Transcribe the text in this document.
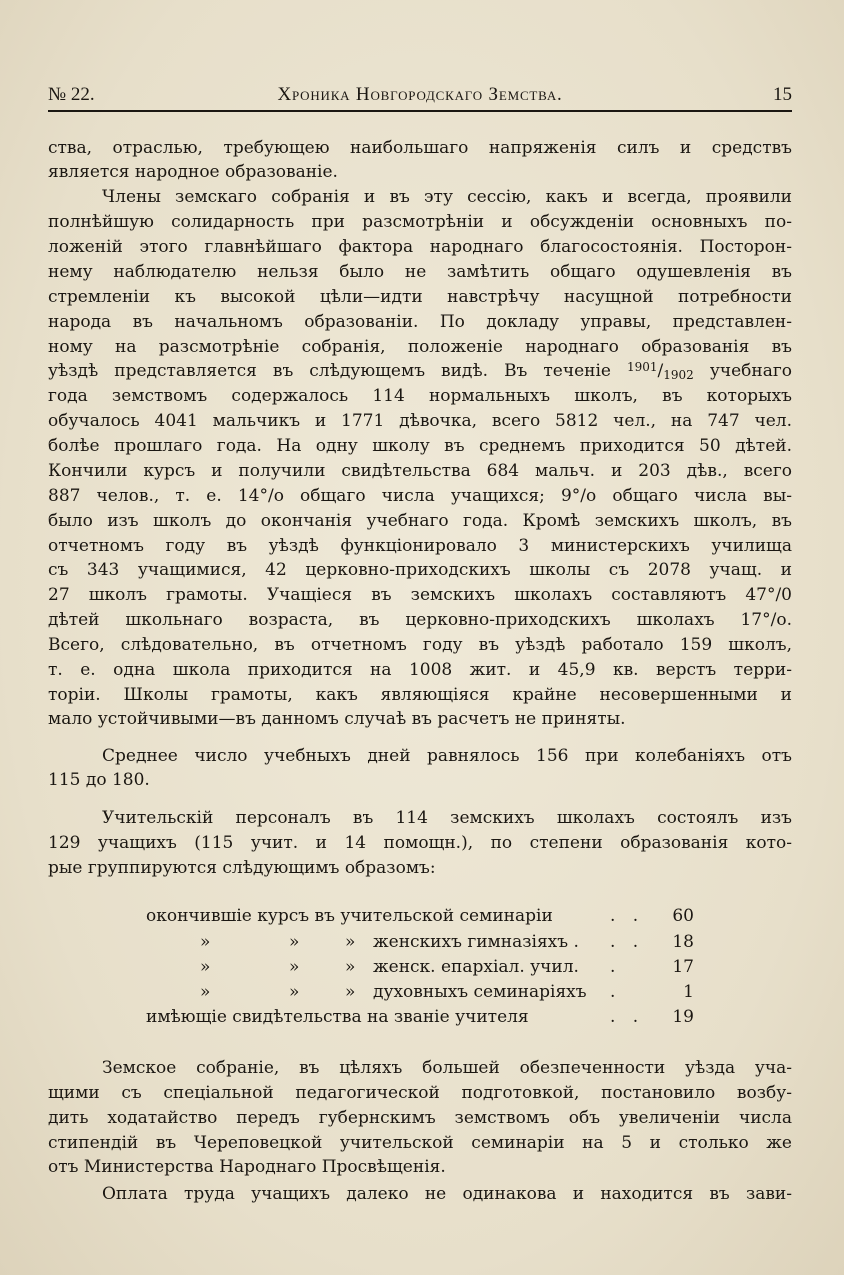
№ 22.	Хроника Новгородскаго Земства.	15
ства, отраслью, требующею наибольшаго напряженія силъ и средствъ
является народное образованіе.
Члены земскаго собранія и въ эту сессію, какъ и всегда, проявили
полнѣйшую солидарность при разсмотрѣніи и обсужденіи основныхъ по-
ложеній этого главнѣйшаго фактора народнаго благосостоянія. Посторон-
нему наблюдателю нельзя было не замѣтить общаго одушевленія въ
стремленіи къ высокой цѣли—идти навстрѣчу насущной потребности
народа въ начальномъ образованіи. По докладу управы, представлен-
ному на разсмотрѣніе собранія, положеніе народнаго образованія въ
уѣздѣ представляется въ слѣдующемъ видѣ. Въ теченіе $^{1901}$/1902 учебнаго
года земствомъ содержалось 114 нормальныхъ школъ, въ которыхъ
обучалось 4041 мальчикъ и 1771 дѣвочка, всего 5812 чел., на 747 чел.
болѣе прошлаго года. На одну школу въ среднемъ приходится 50 дѣтей.
Кончили курсъ и получили свидѣтельства 684 мальч. и 203 дѣв., всего
887 челов., т. е. 14°/о общаго числа учащихся; 9°/о общаго числа вы-
было изъ школъ до окончанія учебнаго года. Кромѣ земскихъ школъ, въ
отчетномъ году въ уѣздѣ функціонировало 3 министерскихъ училища
съ 343 учащимися, 42 церковно-приходскихъ школы съ 2078 учащ. и
27 школъ грамоты. Учащіеся въ земскихъ школахъ составляютъ 47°/0
дѣтей школьнаго возраста, въ церковно-приходскихъ школахъ 17°/о.
Всего, слѣдовательно, въ отчетномъ году въ уѣздѣ работало 159 школъ,
т. е. одна школа приходится на 1008 жит. и 45,9 кв. верстъ терри-
торіи. Школы грамоты, какъ являющіяся крайне несовершенными и
мало устойчивыми—въ данномъ случаѣ въ расчетъ не приняты.
Среднее число учебныхъ дней равнялось 156 при колебаніяхъ отъ
115 до 180.
Учительскій персоналъ въ 114 земскихъ школахъ состоялъ изъ
129 учащихъ (115 учит. и 14 помощн.), по степени образованія кото-
рые группируются слѣдующимъ образомъ:
окончившіе курсъ въ учительской семинаріи	. .	60
»	»	» женскихъ гимназіяхъ . . .	18
»	»	» женск. епархіал. учил. .	17
»	»	» духовныхъ семинаріяхъ .	1
имѣющіе свидѣтельства на званіе учителя	. .	19
Земское собраніе, въ цѣляхъ большей обезпеченности уѣзда уча-
щими съ спеціальной педагогической подготовкой, постановило возбу-
дить ходатайство передъ губернскимъ земствомъ объ увеличеніи числа
стипендій въ Череповецкой учительской семинаріи на 5 и столько же
отъ Министерства Народнаго Просвѣщенія.
Оплата труда учащихъ далеко не одинакова и находится въ зави-
